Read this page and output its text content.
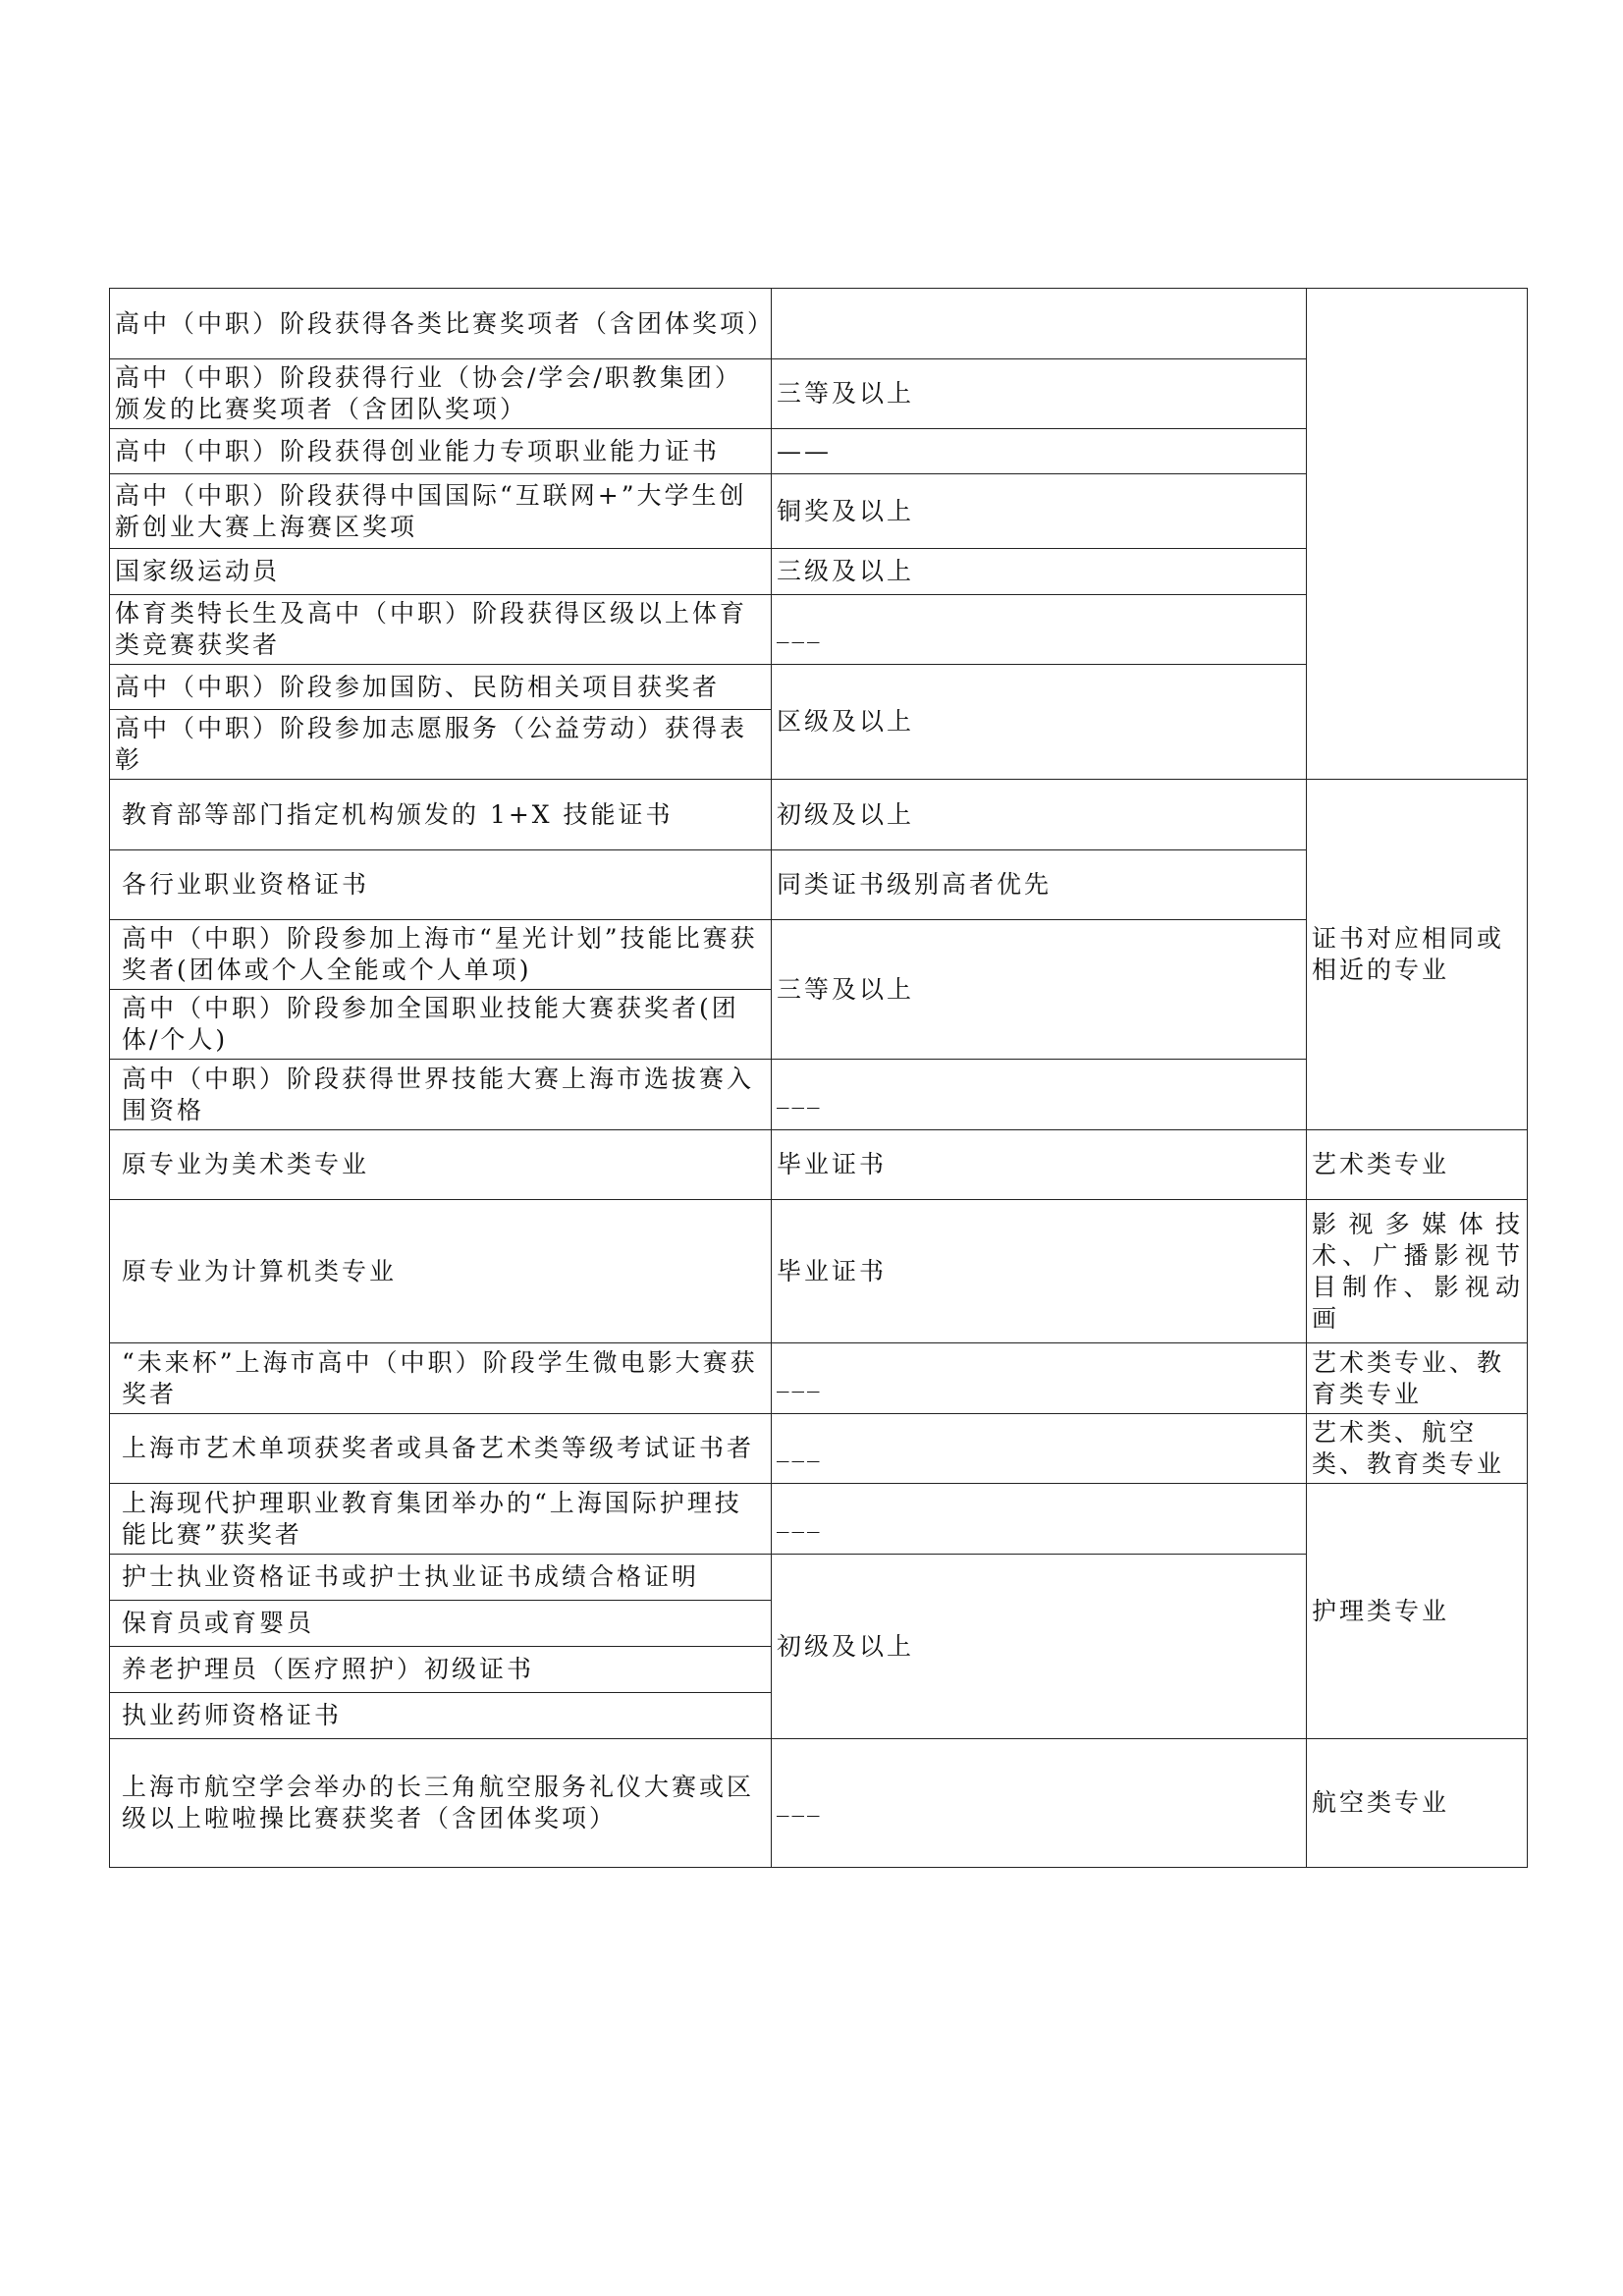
高中（中职）阶段获得各类比赛奖项者（含团体奖项）		
高中（中职）阶段获得行业（协会/学会/职教集团）颁发的比赛奖项者（含团队奖项）	三等及以上	
高中（中职）阶段获得创业能力专项职业能力证书	——	
高中（中职）阶段获得中国国际“互联网+”大学生创新创业大赛上海赛区奖项	铜奖及以上	
国家级运动员	三级及以上	
体育类特长生及高中（中职）阶段获得区级以上体育类竞赛获奖者	___	
高中（中职）阶段参加国防、民防相关项目获奖者	区级及以上	
高中（中职）阶段参加志愿服务（公益劳动）获得表彰		
教育部等部门指定机构颁发的 1+X 技能证书	初级及以上	证书对应相同或相近的专业
各行业职业资格证书	同类证书级别高者优先	
高中（中职）阶段参加上海市“星光计划”技能比赛获奖者(团体或个人全能或个人单项)	三等及以上	
高中（中职）阶段参加全国职业技能大赛获奖者(团体/个人)		
高中（中职）阶段获得世界技能大赛上海市选拔赛入围资格	___	
原专业为美术类专业	毕业证书	艺术类专业
原专业为计算机类专业	毕业证书	影视多媒体技术、广播影视节目制作、影视动画
“未来杯”上海市高中（中职）阶段学生微电影大赛获奖者	___	艺术类专业、教育类专业
上海市艺术单项获奖者或具备艺术类等级考试证书者	___	艺术类、航空类、教育类专业
上海现代护理职业教育集团举办的“上海国际护理技能比赛”获奖者	___	护理类专业
护士执业资格证书或护士执业证书成绩合格证明	初级及以上	
保育员或育婴员		
养老护理员（医疗照护）初级证书		
执业药师资格证书		
上海市航空学会举办的长三角航空服务礼仪大赛或区级以上啦啦操比赛获奖者（含团体奖项）	___	航空类专业
